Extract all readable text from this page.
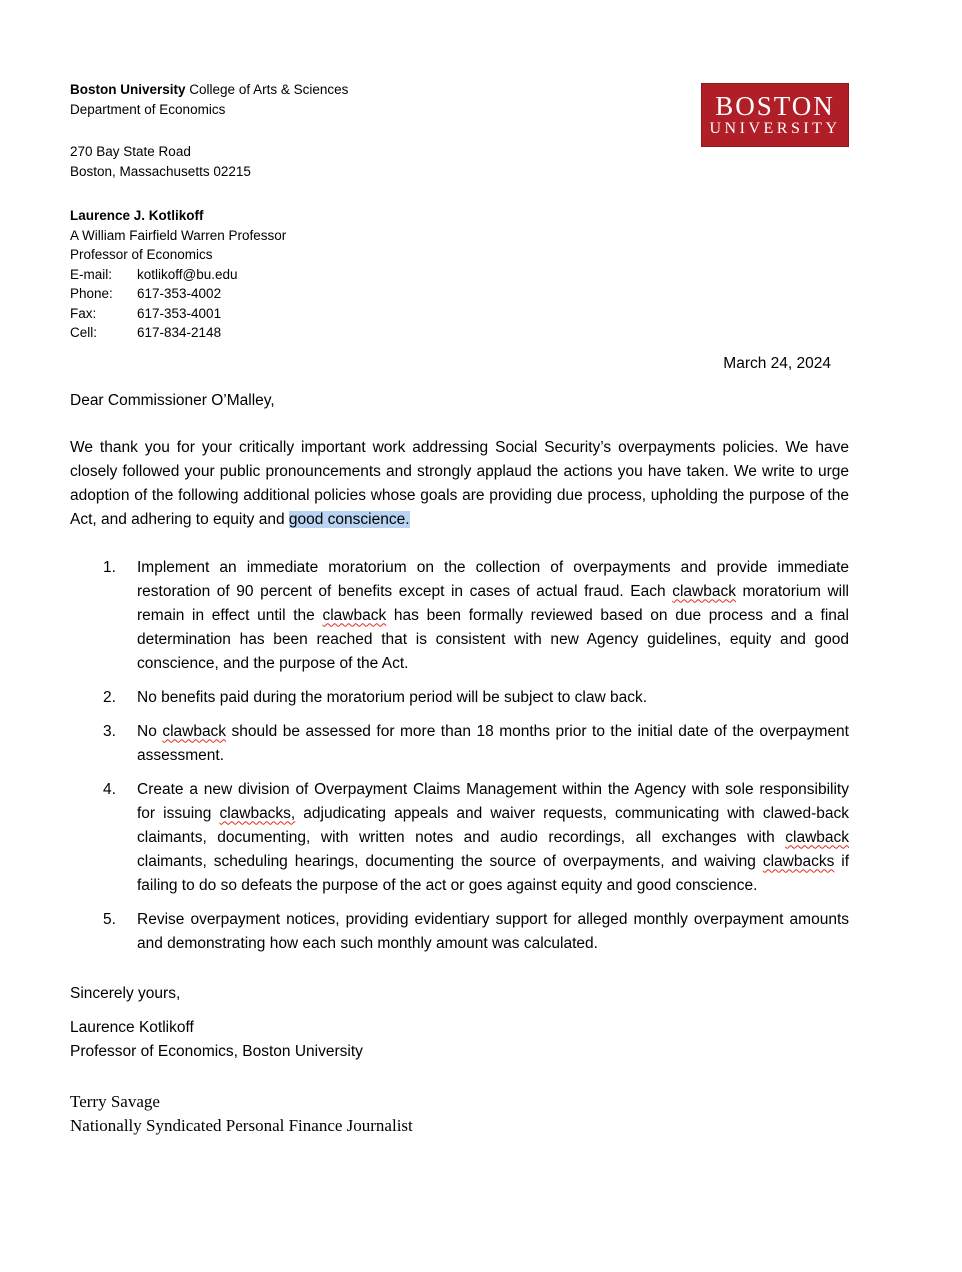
Boston University College of Arts & Sciences
Department of Economics
270 Bay State Road
Boston, Massachusetts 02215
Laurence J. Kotlikoff
A William Fairfield Warren Professor
Professor of Economics
E-mail:	kotlikoff@bu.edu
Phone:	617-353-4002
Fax:	617-353-4001
Cell:	617-834-2148
BOSTON
UNIVERSITY
March 24, 2024
Dear Commissioner O’Malley,

We thank you for your critically important work addressing Social Security’s overpayments policies. We have closely followed your public pronouncements and strongly applaud the actions you have taken. We write to urge adoption of the following additional policies whose goals are providing due process, upholding the purpose of the Act, and adhering to equity and good conscience.

1.	Implement an immediate moratorium on the collection of overpayments and provide immediate restoration of 90 percent of benefits except in cases of actual fraud. Each clawback moratorium will remain in effect until the clawback has been formally reviewed based on due process and a final determination has been reached that is consistent with new Agency guidelines, equity and good conscience, and the purpose of the Act.
2.	No benefits paid during the moratorium period will be subject to claw back.
3.	No clawback should be assessed for more than 18 months prior to the initial date of the overpayment assessment.
4.	Create a new division of Overpayment Claims Management within the Agency with sole responsibility for issuing clawbacks, adjudicating appeals and waiver requests, communicating with clawed-back claimants, documenting, with written notes and audio recordings, all exchanges with clawback claimants, scheduling hearings, documenting the source of overpayments, and waiving clawbacks if failing to do so defeats the purpose of the act or goes against equity and good conscience.
5.	Revise overpayment notices, providing evidentiary support for alleged monthly overpayment amounts and demonstrating how each such monthly amount was calculated.
Sincerely yours,
Laurence Kotlikoff
Professor of Economics, Boston University
Terry Savage
Nationally Syndicated Personal Finance Journalist
